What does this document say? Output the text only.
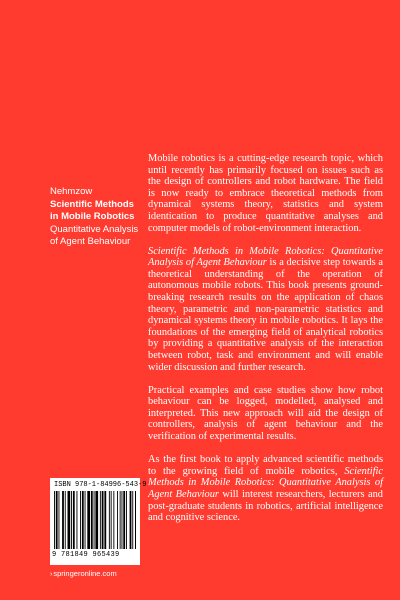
Nehmzow
Scientific Methods
in Mobile Robotics
Quantitative Analysis
of Agent Behaviour

Mobile robotics is a cutting-edge research topic, which until recently has primarily focused on issues such as the design of controllers and robot hardware. The field is now ready to embrace theoretical methods from dynamical systems theory, statistics and system identication to produce quantitative analyses and computer models of robot-environment interaction.

Scientific Methods in Mobile Robotics: Quantitative Analysis of Agent Behaviour is a decisive step towards a theoretical understanding of the operation of autonomous mobile robots. This book presents ground-breaking research results on the application of chaos theory, parametric and non-parametric statistics and dynamical systems theory in mobile robotics. It lays the foundations of the emerging field of analytical robotics by providing a quantitative analysis of the interaction between robot, task and environment and will enable wider discussion and further research.

Practical examples and case studies show how robot behaviour can be logged, modelled, analysed and interpreted. This new approach will aid the design of controllers, analysis of agent behaviour and the verification of experimental results.

As the first book to apply advanced scientific methods to the growing field of mobile robotics, Scientific Methods in Mobile Robotics: Quantitative Analysis of Agent Behaviour will interest researchers, lecturers and post-graduate students in robotics, artificial intelligence and cognitive science.

ISBN 978-1-84996-543-9
9 781849 965439
›springeronline.com
